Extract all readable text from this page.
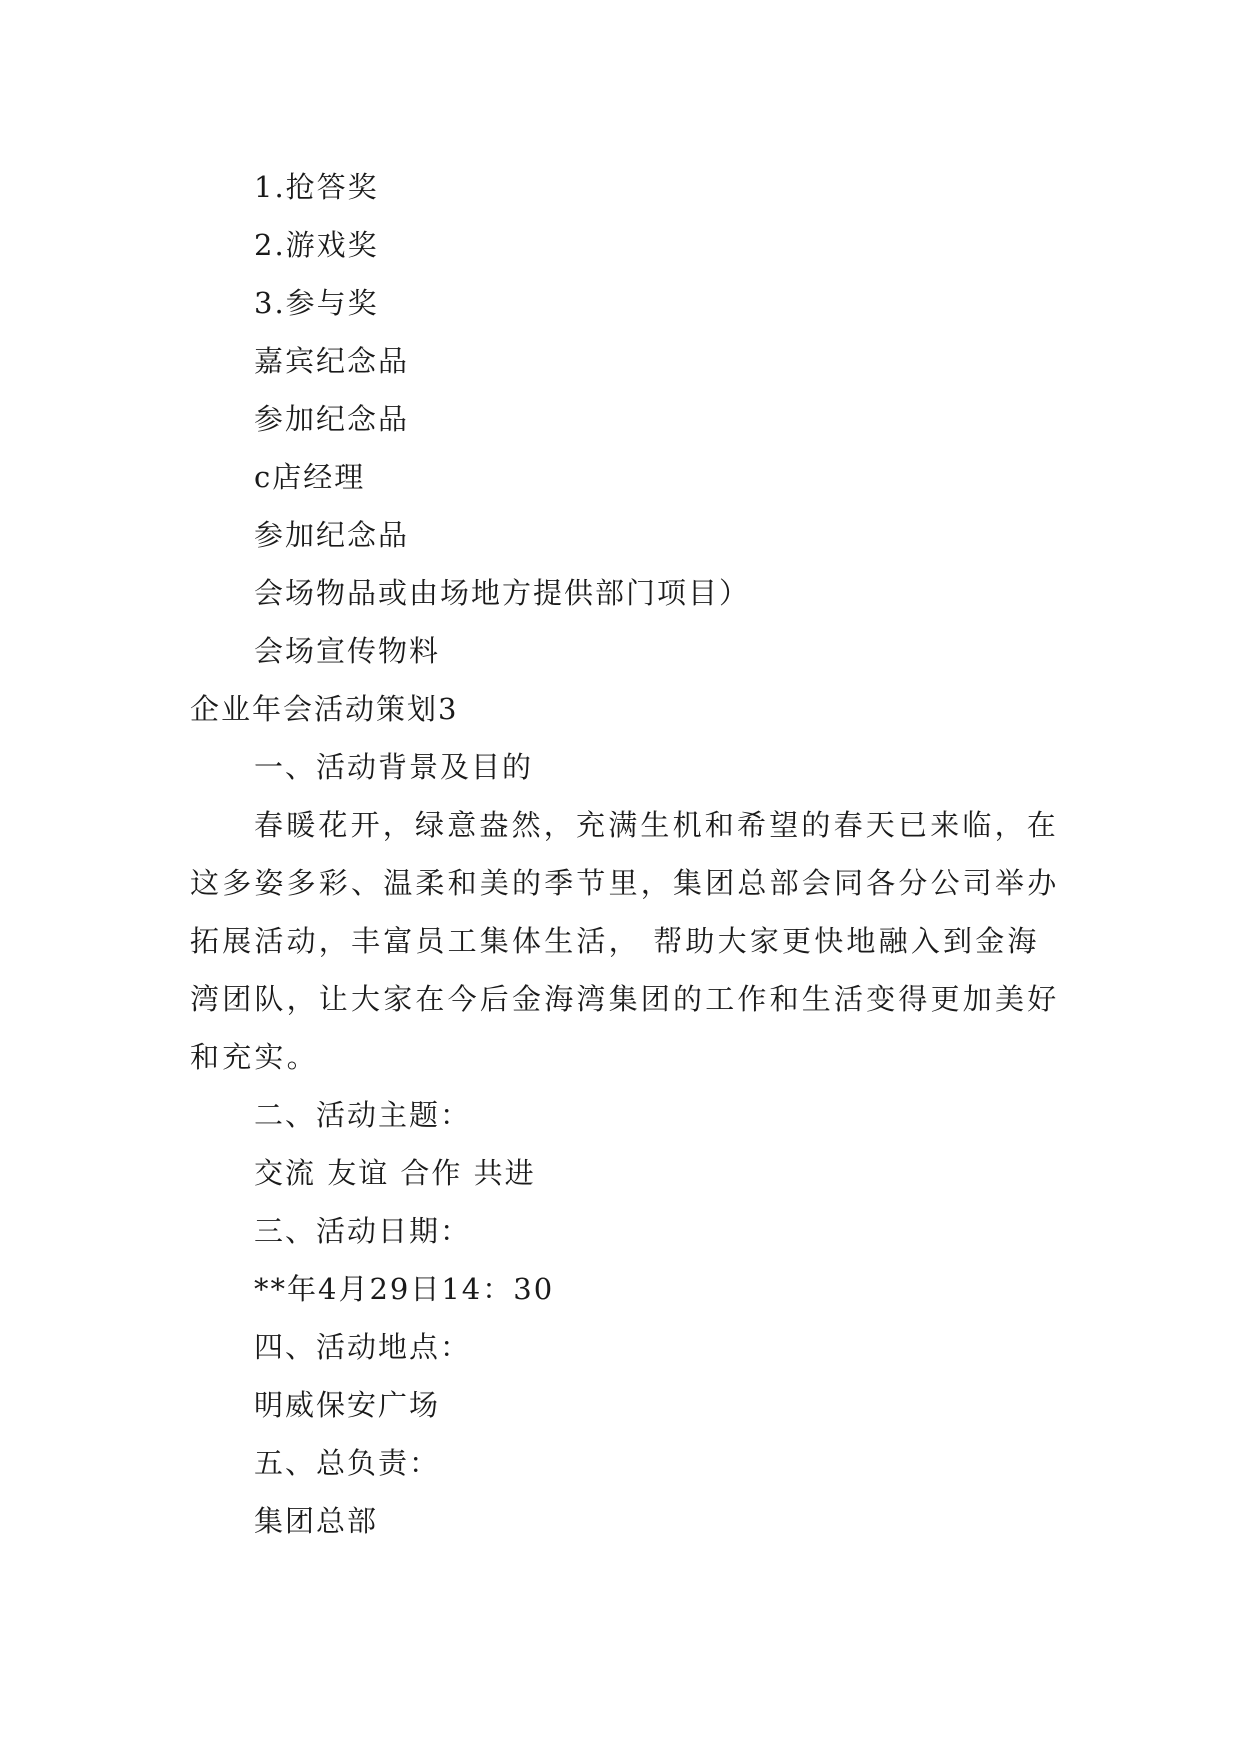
1.抢答奖

2.游戏奖

3.参与奖

嘉宾纪念品

参加纪念品

c店经理

参加纪念品

会场物品或由场地方提供部门项目）

会场宣传物料

企业年会活动策划3

一、活动背景及目的

春暖花开，绿意盎然，充满生机和希望的春天已来临，在这多姿多彩、温柔和美的季节里，集团总部会同各分公司举办拓展活动，丰富员工集体生活， 帮助大家更快地融入到金海湾团队，让大家在今后金海湾集团的工作和生活变得更加美好和充实。

二、活动主题：

交流 友谊 合作 共进

三、活动日期：

**年4月29日14：30

四、活动地点：

明威保安广场

五、总负责：

集团总部
